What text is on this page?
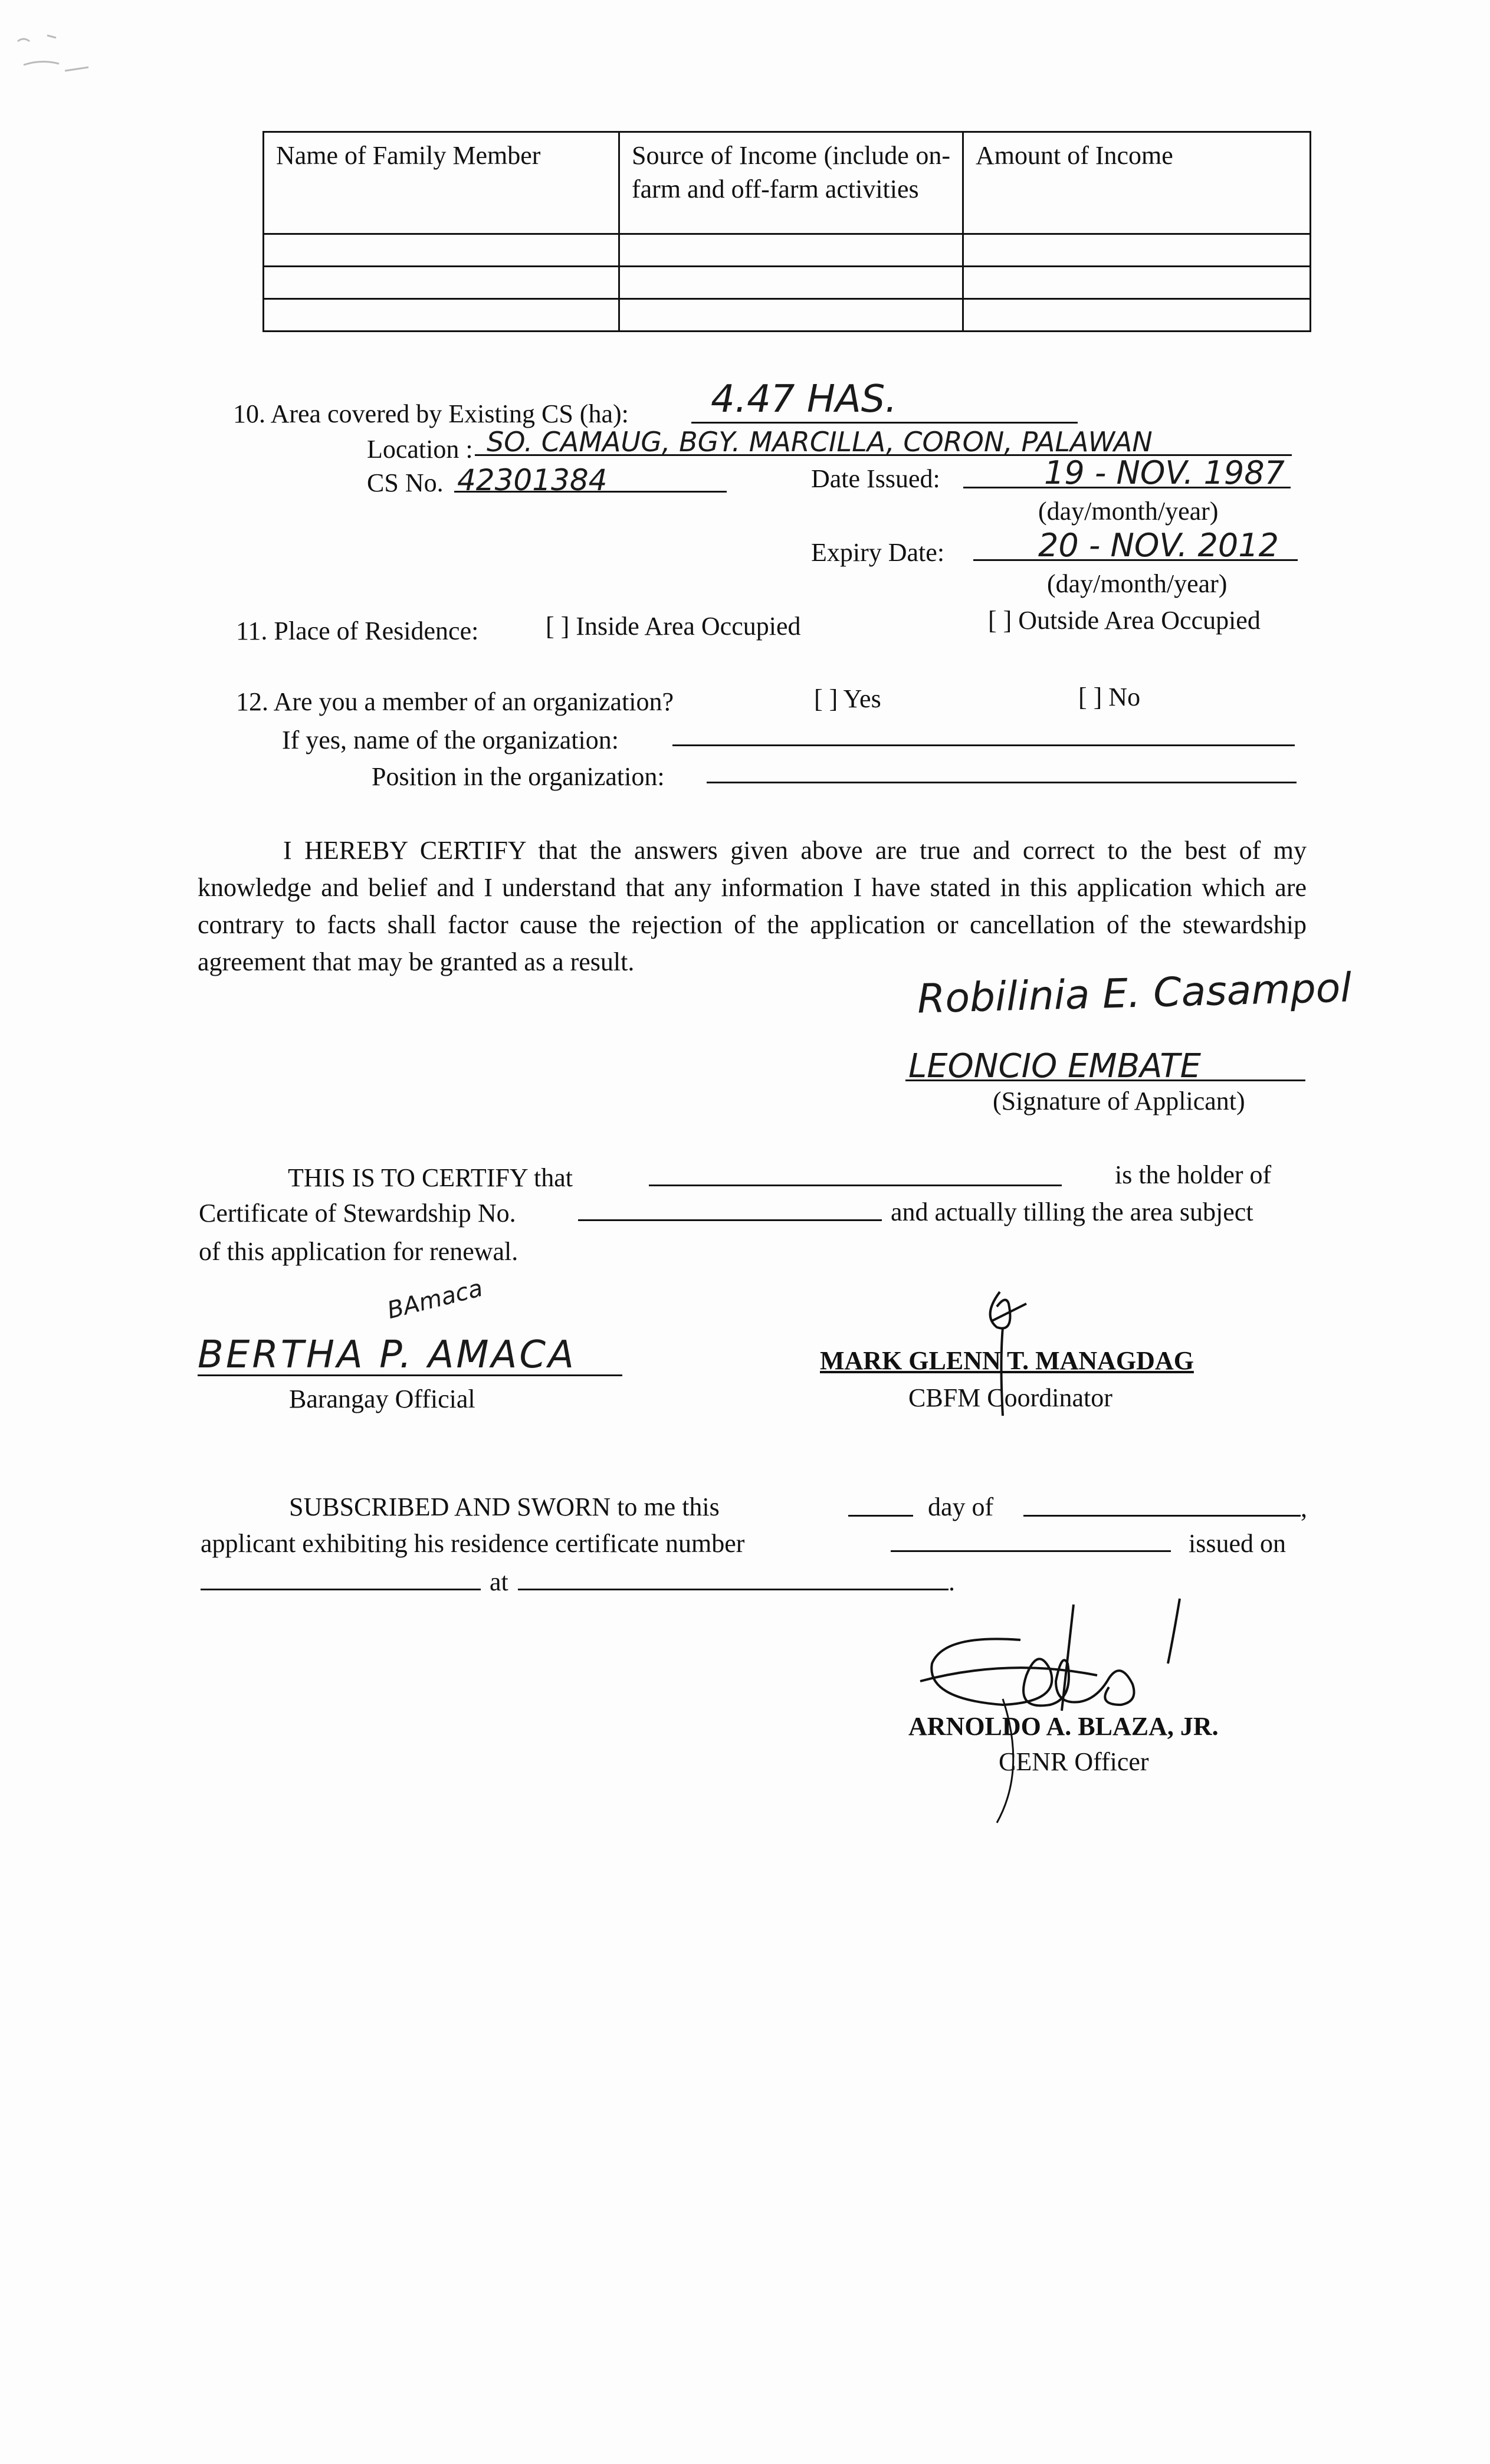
Name of Family Member	Source of Income (include on-farm and off-farm activities	Amount of Income

10. Area covered by Existing CS (ha): 4.47 HAS.
Location : SO. CAMAUG, BGY. MARCILLA, CORON, PALAWAN
CS No. 42301384	Date Issued:	19 - NOV. 1987
(day/month/year)
Expiry Date:	20 - NOV. 2012
(day/month/year)
11. Place of Residence:	[ ] Inside Area Occupied	[ ] Outside Area Occupied
12. Are you a member of an organization?	[ ] Yes	[ ] No
If yes, name of the organization:
Position in the organization:
I HEREBY CERTIFY that the answers given above are true and correct to the best of my knowledge and belief and I understand that any information I have stated in this application which are contrary to facts shall factor cause the rejection of the application or cancellation of the stewardship agreement that may be granted as a result.
Robilinia E. Casampol
LEONCIO EMBATE
(Signature of Applicant)
THIS IS TO CERTIFY that	is the holder of
Certificate of Stewardship No.	and actually tilling the area subject
of this application for renewal.
BAmaca
BERTHA P. AMACA
Barangay Official
MARK GLENN T. MANAGDAG
CBFM Coordinator
SUBSCRIBED AND SWORN to me this	day of	,
applicant exhibiting his residence certificate number	issued on
at	.
ARNOLDO A. BLAZA, JR.
CENR Officer
